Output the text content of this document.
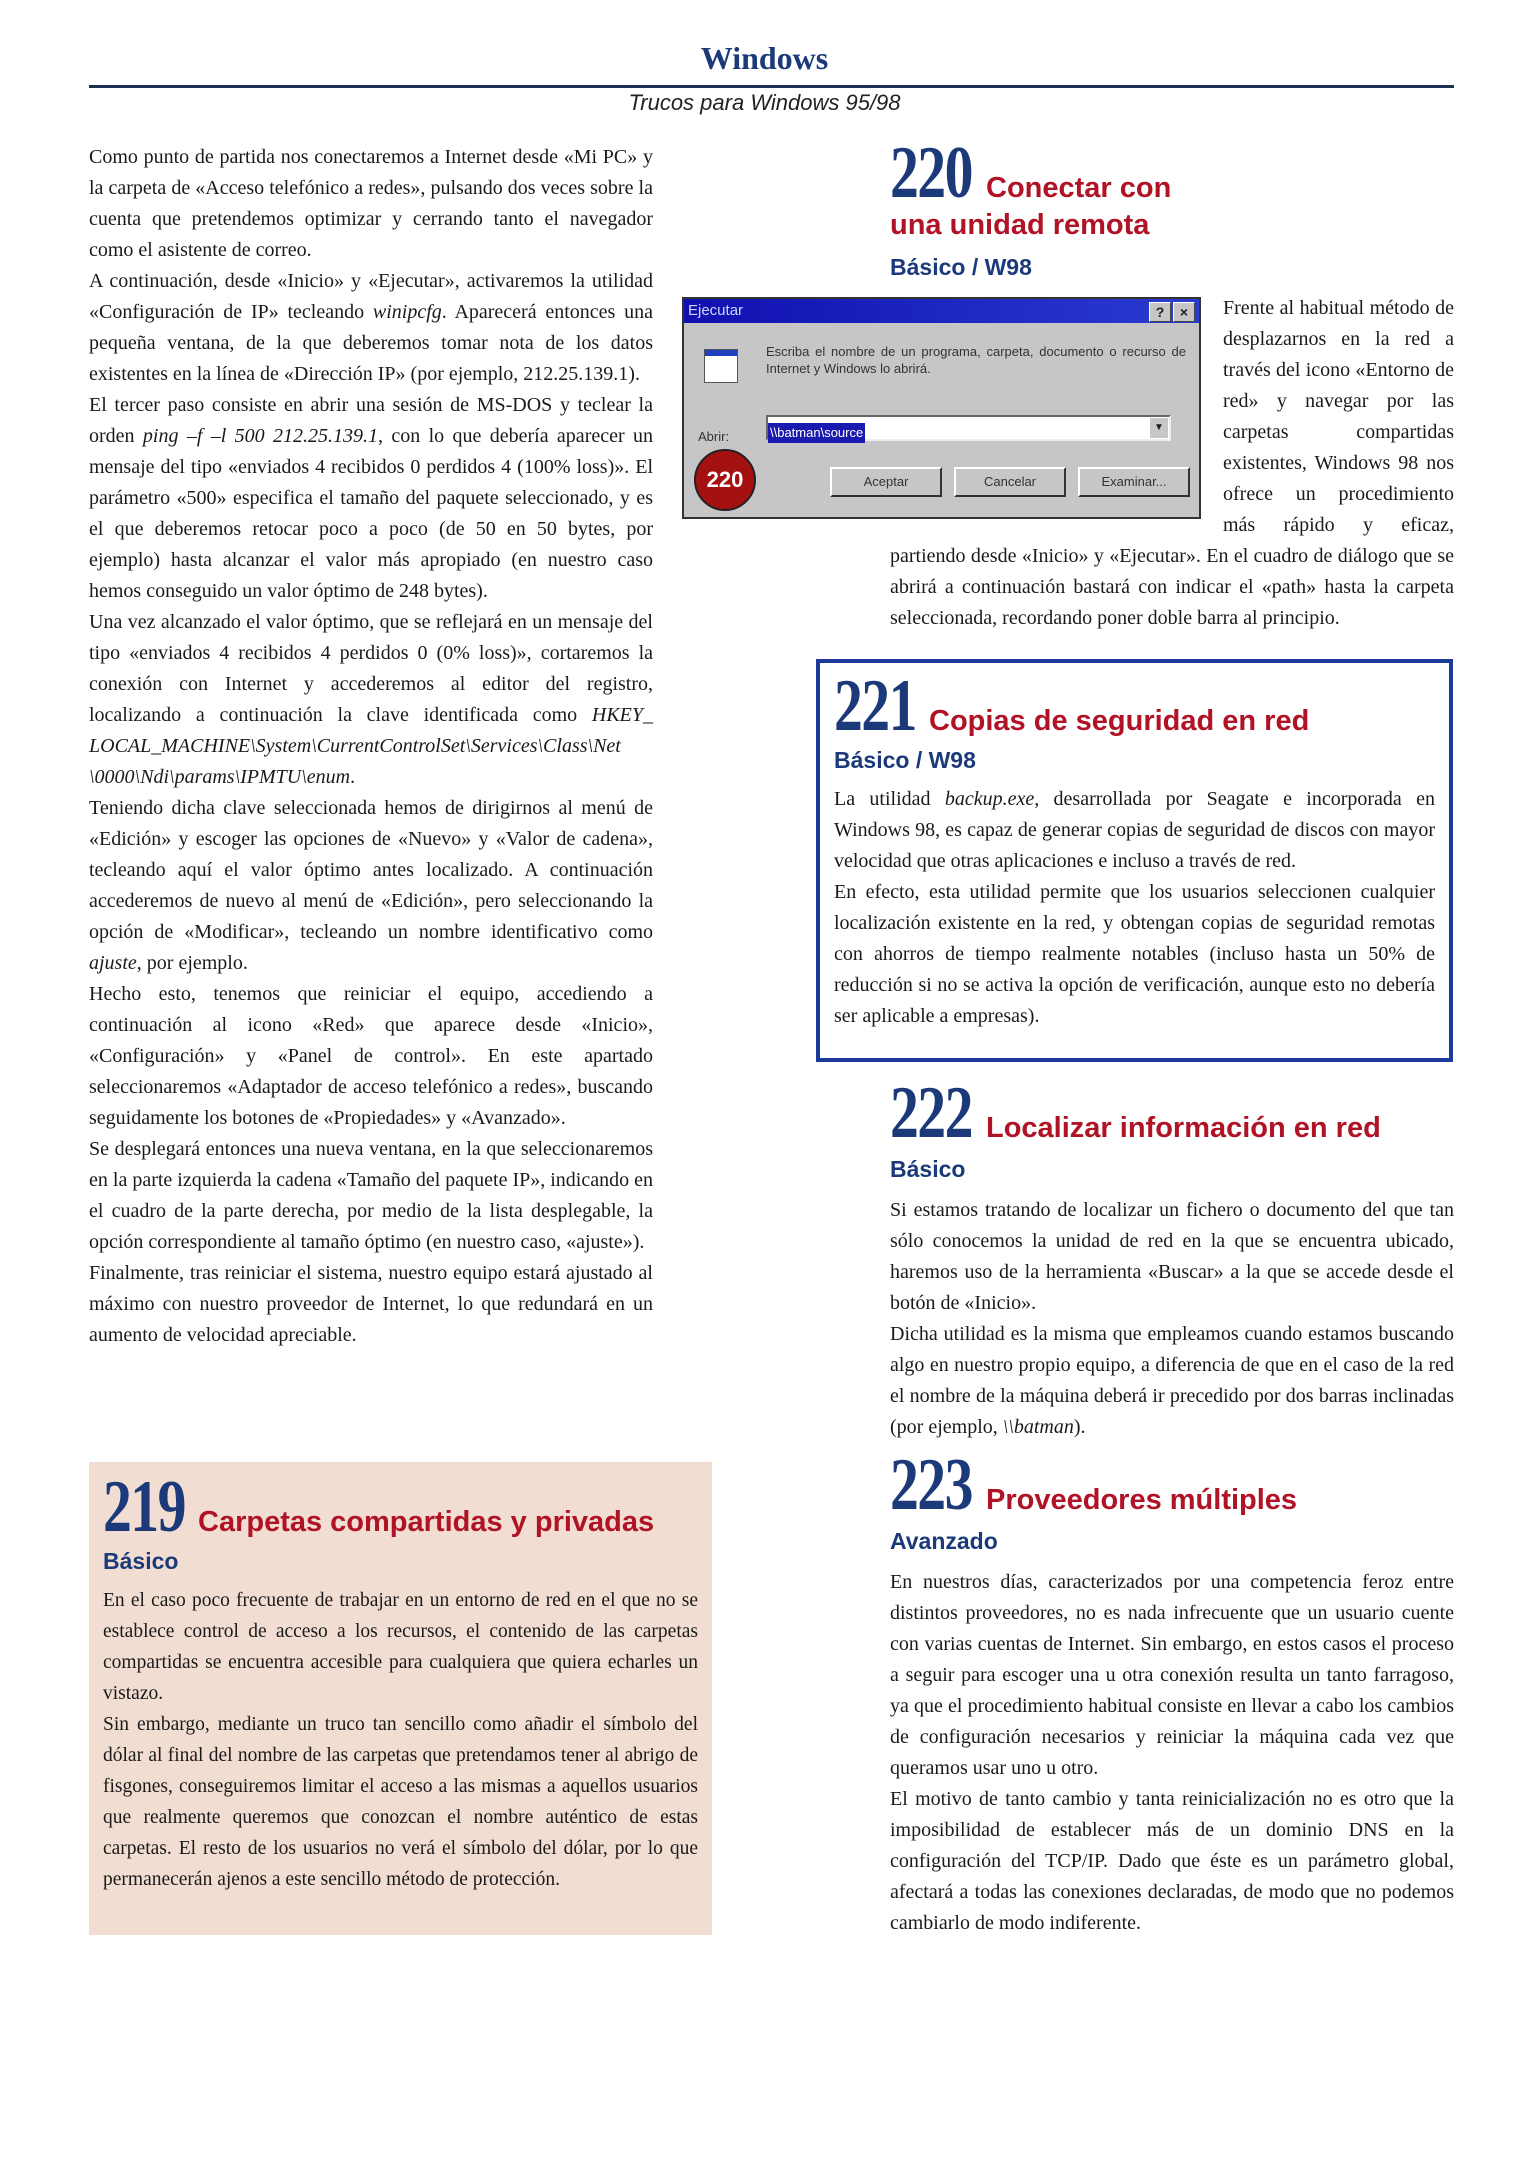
Windows
Trucos para Windows 95/98

Como punto de partida nos conectaremos a Internet desde «Mi PC» y la carpeta de «Acceso telefónico a redes», pulsando dos veces sobre la cuenta que pretendemos optimizar y cerrando tanto el navegador como el asistente de correo.

A continuación, desde «Inicio» y «Ejecutar», activaremos la utilidad «Configuración de IP» tecleando winipcfg. Aparecerá entonces una pequeña ventana, de la que deberemos tomar nota de los datos existentes en la línea de «Dirección IP» (por ejemplo, 212.25.139.1).

El tercer paso consiste en abrir una sesión de MS-DOS y teclear la orden ping –f –l 500 212.25.139.1, con lo que debería aparecer un mensaje del tipo «enviados 4 recibidos 0 perdidos 4 (100% loss)». El parámetro «500» especifica el tamaño del paquete seleccionado, y es el que deberemos retocar poco a poco (de 50 en 50 bytes, por ejemplo) hasta alcanzar el valor más apropiado (en nuestro caso hemos conseguido un valor óptimo de 248 bytes).

Una vez alcanzado el valor óptimo, que se reflejará en un mensaje del tipo «enviados 4 recibidos 4 perdidos 0 (0% loss)», cortaremos la conexión con Internet y accederemos al editor del registro, localizando a continuación la clave identificada como HKEY_ LOCAL_MACHINE\System\CurrentControlSet\Services\Class\Net \0000\Ndi\params\IPMTU\enum.

Teniendo dicha clave seleccionada hemos de dirigirnos al menú de «Edición» y escoger las opciones de «Nuevo» y «Valor de cadena», tecleando aquí el valor óptimo antes localizado. A continuación accederemos de nuevo al menú de «Edición», pero seleccionando la opción de «Modificar», tecleando un nombre identificativo como ajuste, por ejemplo.

Hecho esto, tenemos que reiniciar el equipo, accediendo a continuación al icono «Red» que aparece desde «Inicio», «Configuración» y «Panel de control». En este apartado seleccionaremos «Adaptador de acceso telefónico a redes», buscando seguidamente los botones de «Propiedades» y «Avanzado».

Se desplegará entonces una nueva ventana, en la que seleccionaremos en la parte izquierda la cadena «Tamaño del paquete IP», indicando en el cuadro de la parte derecha, por medio de la lista desplegable, la opción correspondiente al tamaño óptimo (en nuestro caso, «ajuste»).

Finalmente, tras reiniciar el sistema, nuestro equipo estará ajustado al máximo con nuestro proveedor de Internet, lo que redundará en un aumento de velocidad apreciable.

219 Carpetas compartidas y privadas
Básico

En el caso poco frecuente de trabajar en un entorno de red en el que no se establece control de acceso a los recursos, el contenido de las carpetas compartidas se encuentra accesible para cualquiera que quiera echarles un vistazo.

Sin embargo, mediante un truco tan sencillo como añadir el símbolo del dólar al final del nombre de las carpetas que pretendamos tener al abrigo de fisgones, conseguiremos limitar el acceso a las mismas a aquellos usuarios que realmente queremos que conozcan el nombre auténtico de estas carpetas. El resto de los usuarios no verá el símbolo del dólar, por lo que permanecerán ajenos a este sencillo método de protección.

220 Conectar con
una unidad remota
Básico / W98
Ejecutar	?	×
Escriba el nombre de un programa, carpeta, documento o recurso de Internet y Windows lo abrirá.
Abrir:	\\batman\source	▼
Aceptar	Cancelar	Examinar...
220

Frente al habitual método de desplazarnos en la red a través del icono «Entorno de red» y navegar por las carpetas compartidas existentes, Windows 98 nos ofrece un procedimiento más rápido y eficaz, partiendo desde «Inicio» y «Ejecutar». En el cuadro de diálogo que se abrirá a continuación bastará con indicar el «path» hasta la carpeta seleccionada, recordando poner doble barra al principio.

221 Copias de seguridad en red
Básico / W98

La utilidad backup.exe, desarrollada por Seagate e incorporada en Windows 98, es capaz de generar copias de seguridad de discos con mayor velocidad que otras aplicaciones e incluso a través de red.

En efecto, esta utilidad permite que los usuarios seleccionen cualquier localización existente en la red, y obtengan copias de seguridad remotas con ahorros de tiempo realmente notables (incluso hasta un 50% de reducción si no se activa la opción de verificación, aunque esto no debería ser aplicable a empresas).

222 Localizar información en red
Básico

Si estamos tratando de localizar un fichero o documento del que tan sólo conocemos la unidad de red en la que se encuentra ubicado, haremos uso de la herramienta «Buscar» a la que se accede desde el botón de «Inicio».

Dicha utilidad es la misma que empleamos cuando estamos buscando algo en nuestro propio equipo, a diferencia de que en el caso de la red el nombre de la máquina deberá ir precedido por dos barras inclinadas (por ejemplo, \\batman).

223 Proveedores múltiples
Avanzado

En nuestros días, caracterizados por una competencia feroz entre distintos proveedores, no es nada infrecuente que un usuario cuente con varias cuentas de Internet. Sin embargo, en estos casos el proceso a seguir para escoger una u otra conexión resulta un tanto farragoso, ya que el procedimiento habitual consiste en llevar a cabo los cambios de configuración necesarios y reiniciar la máquina cada vez que queramos usar uno u otro.

El motivo de tanto cambio y tanta reinicialización no es otro que la imposibilidad de establecer más de un dominio DNS en la configuración del TCP/IP. Dado que éste es un parámetro global, afectará a todas las conexiones declaradas, de modo que no podemos cambiarlo de modo indiferente.
